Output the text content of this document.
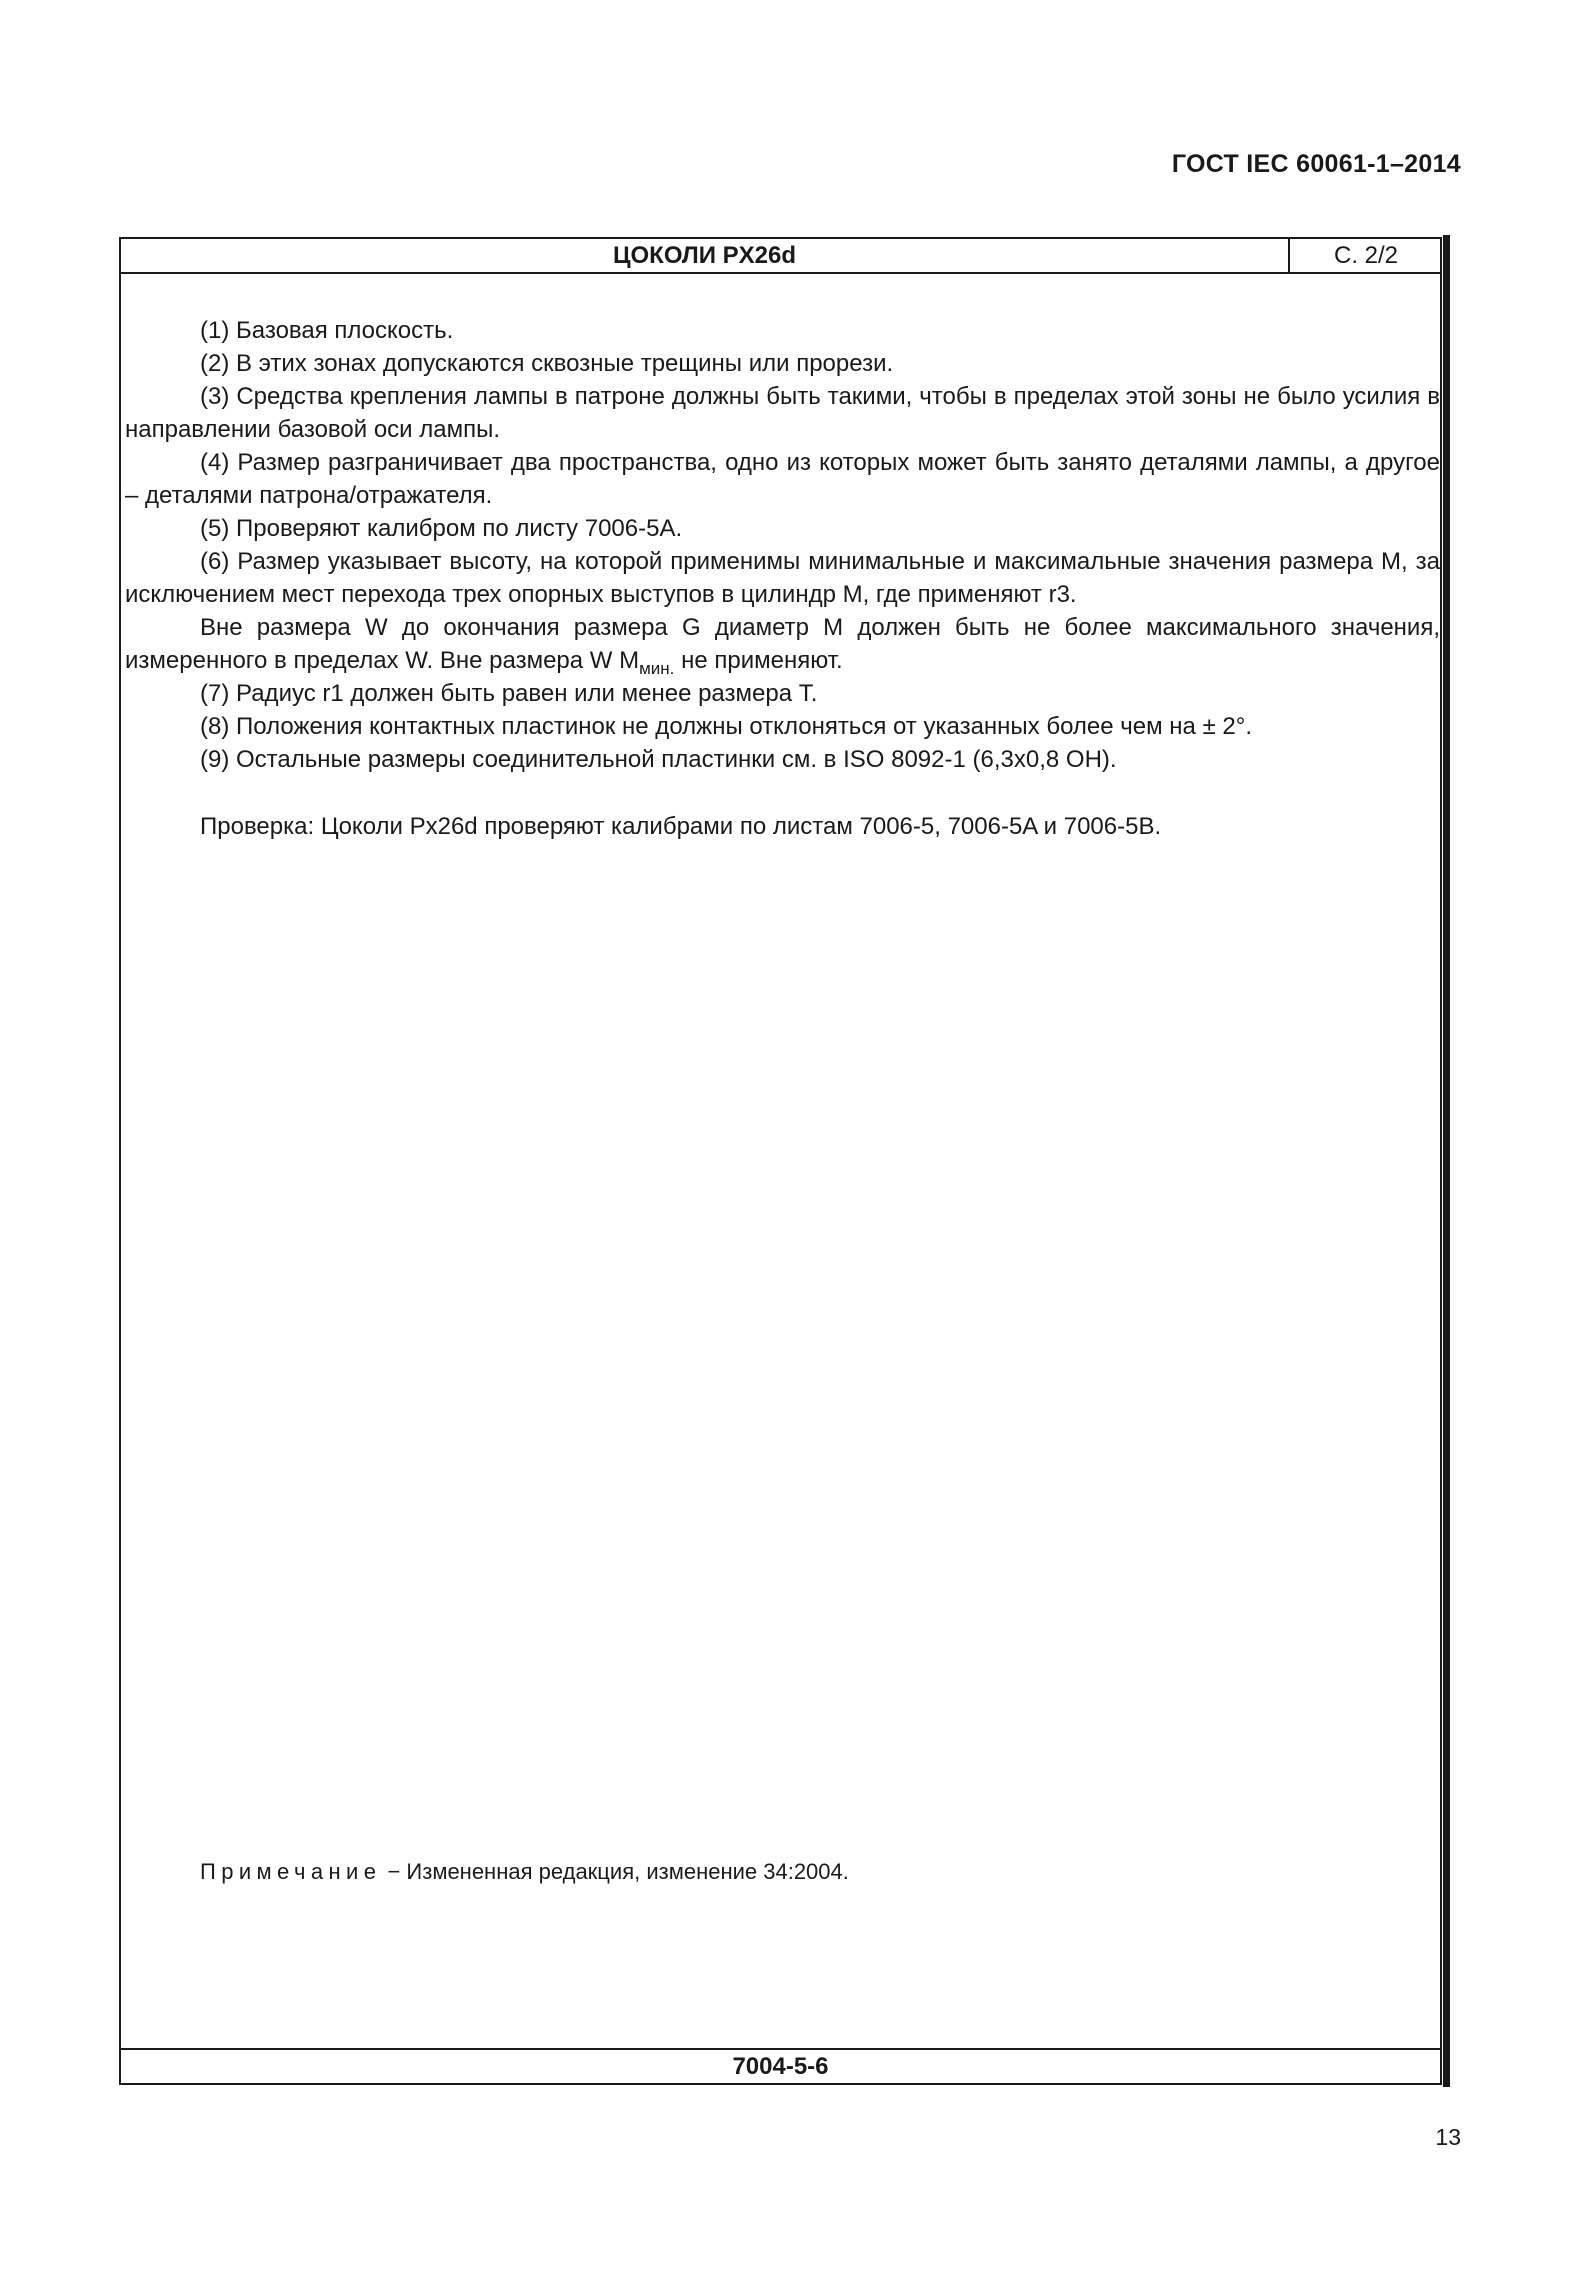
ГОСТ IEC 60061-1–2014
ЦОКОЛИ PX26d	С. 2/2

(1) Базовая плоскость.

(2) В этих зонах допускаются сквозные трещины или прорези.

(3) Средства крепления лампы в патроне должны быть такими, чтобы в пределах этой зоны не было усилия в направлении базовой оси лампы.

(4) Размер разграничивает два пространства, одно из которых может быть занято деталями лампы, а другое – деталями патрона/отражателя.

(5) Проверяют калибром по листу 7006-5A.

(6) Размер указывает высоту, на которой применимы минимальные и максимальные значения размера M, за исключением мест перехода трех опорных выступов в цилиндр M, где применяют r3.

Вне размера W до окончания размера G диаметр M должен быть не более максимального значения, измеренного в пределах W. Вне размера W $M_{мин.}$ не применяют.

(7) Радиус r1 должен быть равен или менее размера T.

(8) Положения контактных пластинок не должны отклоняться от указанных более чем на ± 2°.

(9) Остальные размеры соединительной пластинки см. в ISO 8092-1 (6,3x0,8 OH).

Проверка: Цоколи Px26d проверяют калибрами по листам 7006-5, 7006-5A и 7006-5B.

Примечание − Измененная редакция, изменение 34:2004.
7004-5-6
13
